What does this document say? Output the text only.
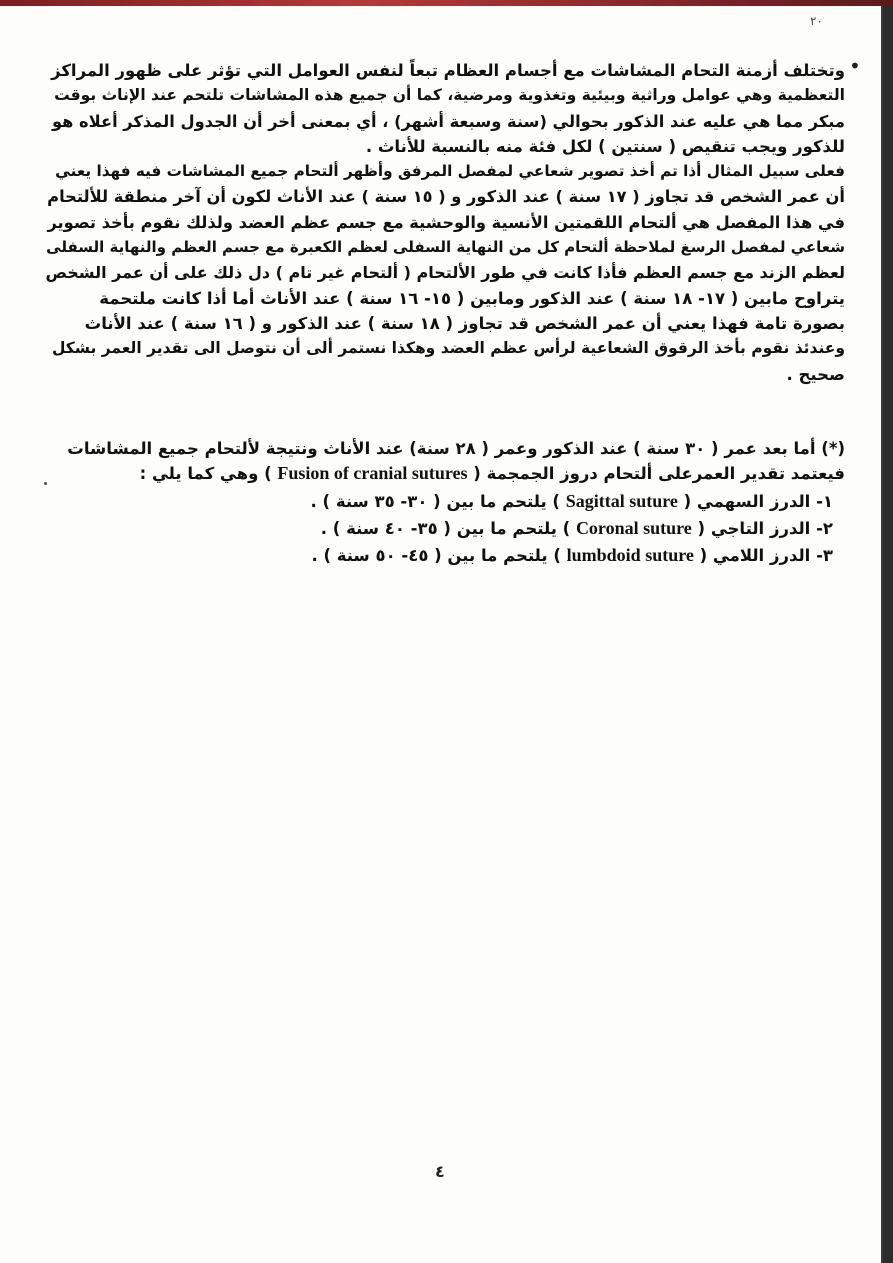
٢٠
•
وتختلف أزمنة التحام المشاشات مع أجسام العظام تبعاً لنفس العوامل التي تؤثر على ظهور المراكز
التعظمية وهي عوامل وراثية وبيئية وتغذوية ومرضية، كما أن جميع هذه المشاشات تلتحم عند الإناث بوقت
مبكر مما هي عليه عند الذكور بحوالي (سنة وسبعة أشهر) ، أي بمعنى أخر أن الجدول المذكر أعلاه هو
للذكور ويجب تنقيص ( سنتين ) لكل فئة منه بالنسبة للأناث .
فعلى سبيل المثال أذا تم أخذ تصوير شعاعي لمفصل المرفق وأظهر ألتحام جميع المشاشات فيه فهذا يعني
أن عمر الشخص قد تجاوز ( ١٧ سنة ) عند الذكور و ( ١٥ سنة ) عند الأناث لكون أن آخر منطقة للألتحام
في هذا المفصل هي ألتحام اللقمتين الأنسية والوحشية مع جسم عظم العضد ولذلك نقوم بأخذ تصوير
شعاعي لمفصل الرسغ لملاحظة ألتحام كل من النهاية السفلى لعظم الكعبرة مع جسم العظم والنهاية السفلى
لعظم الزند مع جسم العظم فأذا كانت في طور الألتحام ( ألتحام غير تام ) دل ذلك على أن عمر الشخص
يتراوح مابين ( ١٧- ١٨ سنة ) عند الذكور ومابين ( ١٥- ١٦ سنة ) عند الأناث أما أذا كانت ملتحمة
بصورة تامة فهذا يعني أن عمر الشخص قد تجاوز ( ١٨ سنة ) عند الذكور و ( ١٦ سنة ) عند الأناث
وعندئذ نقوم بأخذ الرقوق الشعاعية لرأس عظم العضد وهكذا نستمر ألى أن نتوصل الى تقدير العمر بشكل
صحيح .
(*) أما بعد عمر ( ٣٠ سنة ) عند الذكور وعمر ( ٢٨ سنة) عند الأناث ونتيجة لألتحام جميع المشاشات
فيعتمد تقدير العمرعلى ألتحام دروز الجمجمة ( Fusion of cranial sutures ) وهي كما يلي :
١- الدرز السهمي ( Sagittal suture ) يلتحم ما بين ( ٣٠- ٣٥ سنة ) .
٢- الدرز التاجي ( Coronal suture ) يلتحم ما بين ( ٣٥- ٤٠ سنة ) .
٣- الدرز اللامي ( lumbdoid suture ) يلتحم ما بين ( ٤٥- ٥٠ سنة ) .
٤
